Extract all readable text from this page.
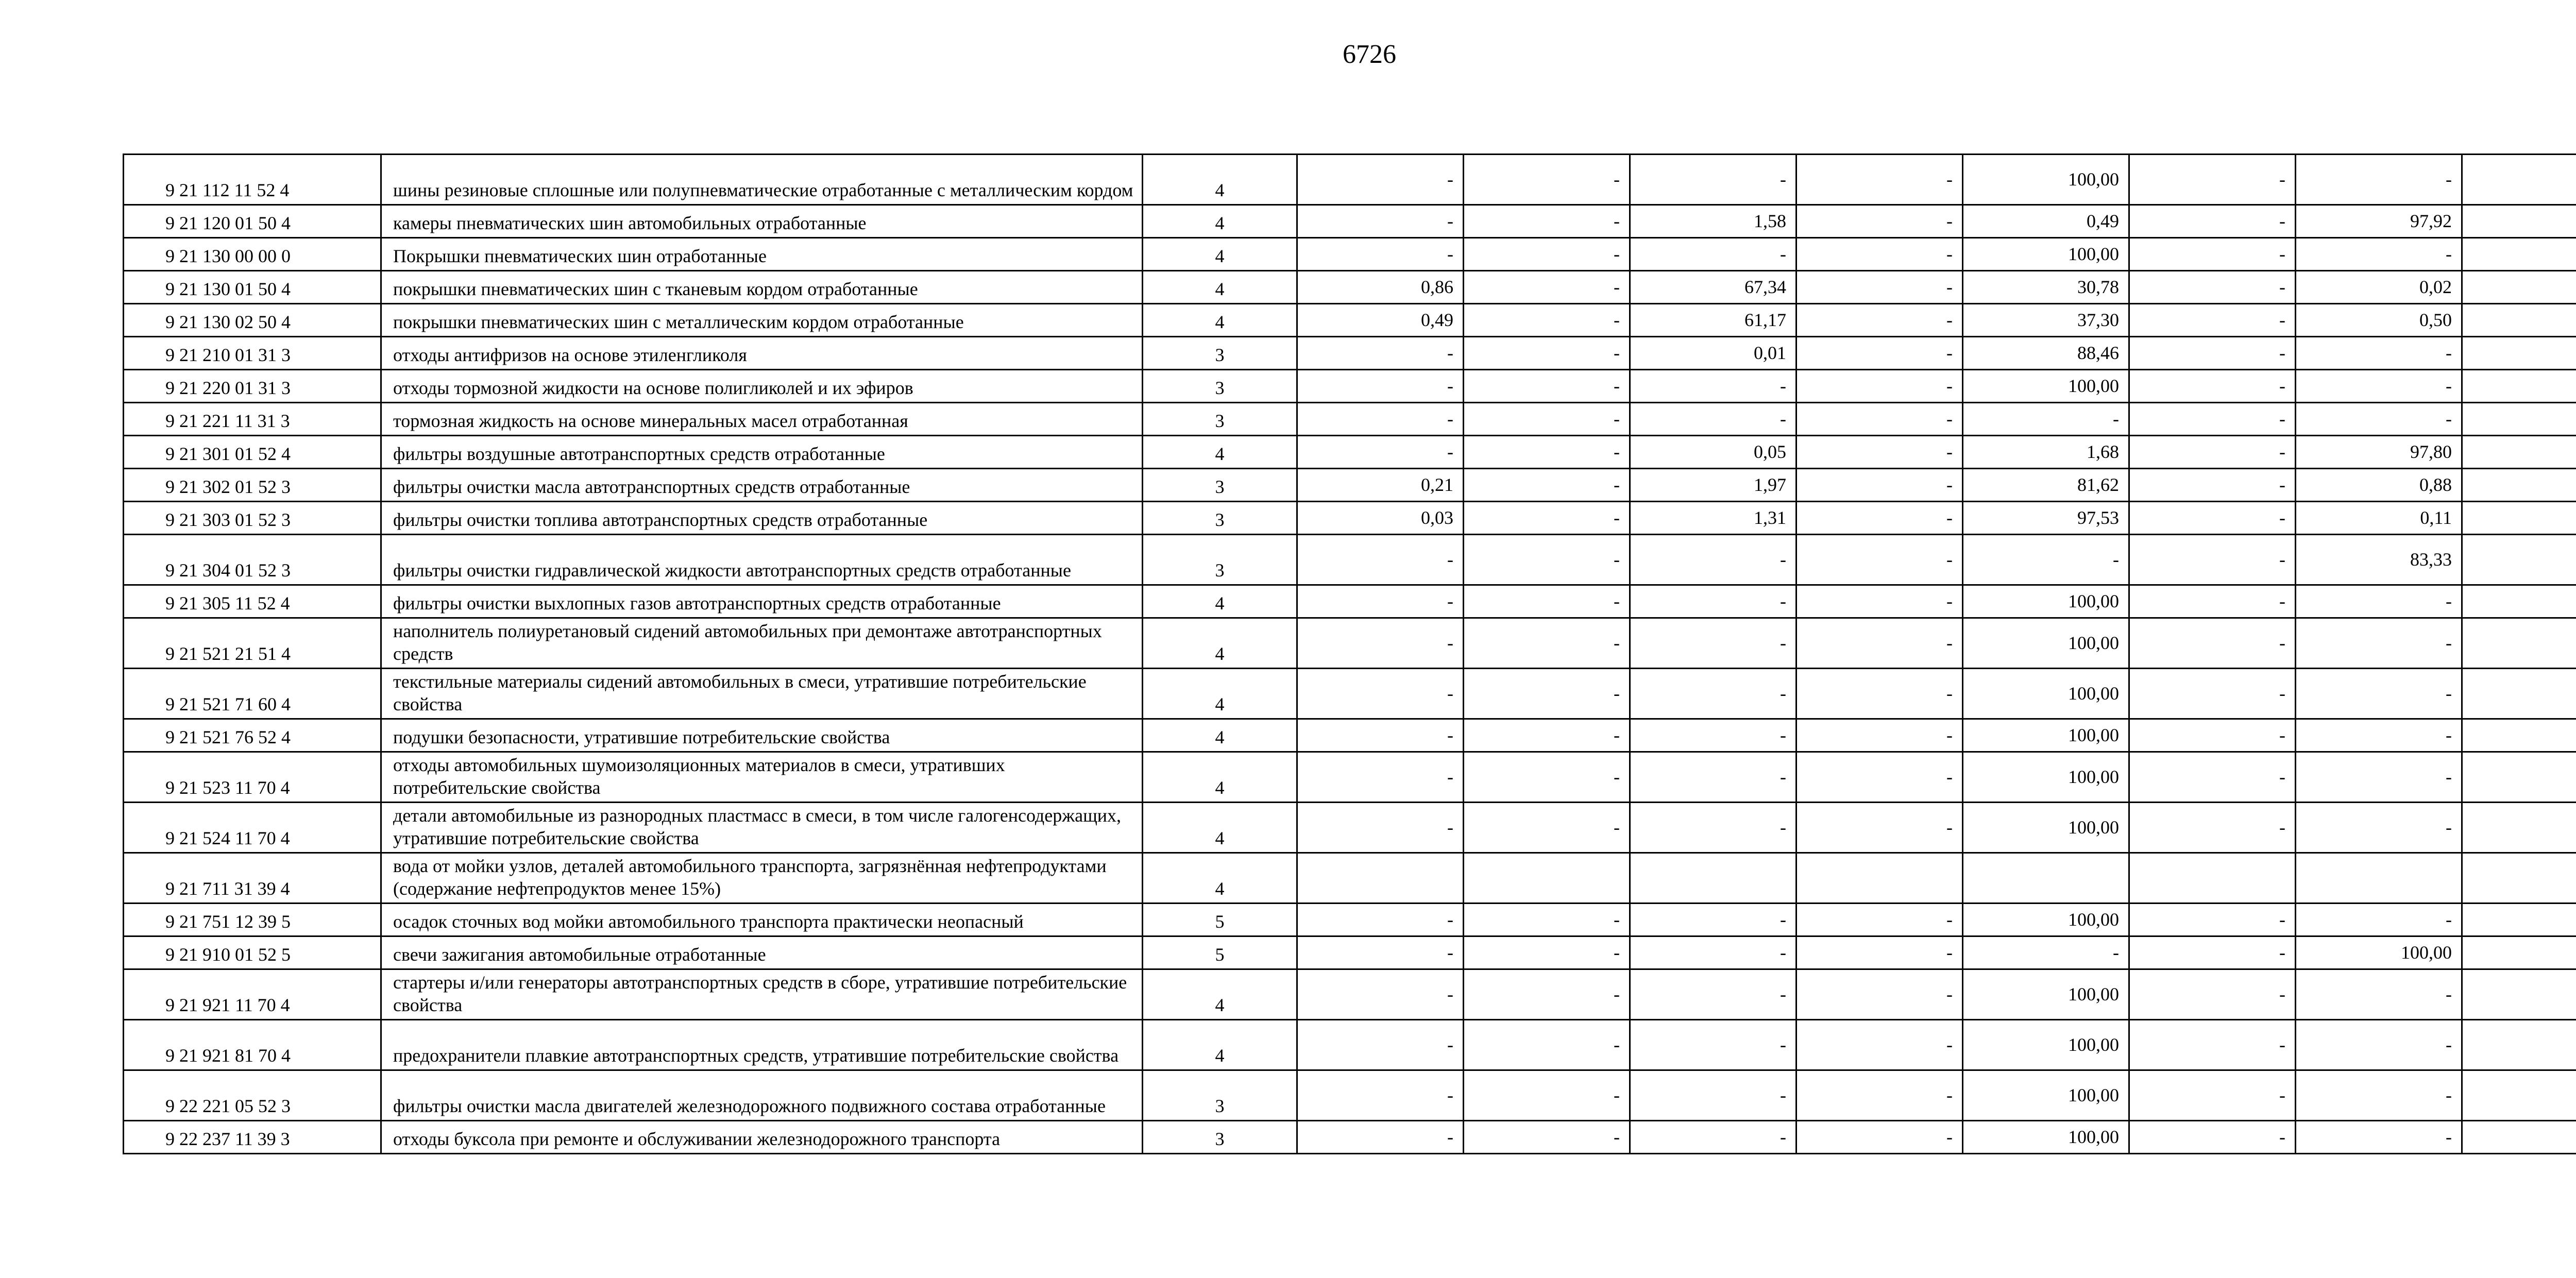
6726
9 21 112 11 52 4	шины резиновые сплошные или полупневматические отработанные с металлическим кордом	4	-	-	-	-	100,00	-	-	
9 21 120 01 50 4	камеры пневматических шин автомобильных отработанные	4	-	-	1,58	-	0,49	-	97,92	
9 21 130 00 00 0	Покрышки пневматических шин отработанные	4	-	-	-	-	100,00	-	-	
9 21 130 01 50 4	покрышки пневматических шин с тканевым кордом отработанные	4	0,86	-	67,34	-	30,78	-	0,02	
9 21 130 02 50 4	покрышки пневматических шин с металлическим кордом отработанные	4	0,49	-	61,17	-	37,30	-	0,50	
9 21 210 01 31 3	отходы антифризов на основе этиленгликоля	3	-	-	0,01	-	88,46	-	-	
9 21 220 01 31 3	отходы тормозной жидкости на основе полигликолей и их эфиров	3	-	-	-	-	100,00	-	-	
9 21 221 11 31 3	тормозная жидкость на основе минеральных масел отработанная	3	-	-	-	-	-	-	-	
9 21 301 01 52 4	фильтры воздушные автотранспортных средств отработанные	4	-	-	0,05	-	1,68	-	97,80	
9 21 302 01 52 3	фильтры очистки масла автотранспортных средств отработанные	3	0,21	-	1,97	-	81,62	-	0,88	
9 21 303 01 52 3	фильтры очистки топлива автотранспортных средств отработанные	3	0,03	-	1,31	-	97,53	-	0,11	
9 21 304 01 52 3	фильтры очистки гидравлической жидкости автотранспортных средств отработанные	3	-	-	-	-	-	-	83,33	
9 21 305 11 52 4	фильтры очистки выхлопных газов автотранспортных средств отработанные	4	-	-	-	-	100,00	-	-	
9 21 521 21 51 4	наполнитель полиуретановый сидений автомобильных при демонтаже автотранспортных средств	4	-	-	-	-	100,00	-	-	
9 21 521 71 60 4	текстильные материалы сидений автомобильных в смеси, утратившие потребительские свойства	4	-	-	-	-	100,00	-	-	
9 21 521 76 52 4	подушки безопасности, утратившие потребительские свойства	4	-	-	-	-	100,00	-	-	
9 21 523 11 70 4	отходы автомобильных шумоизоляционных материалов в смеси, утративших потребительские свойства	4	-	-	-	-	100,00	-	-	
9 21 524 11 70 4	детали автомобильные из разнородных пластмасс в смеси, в том числе галогенсодержащих, утратившие потребительские свойства	4	-	-	-	-	100,00	-	-	
9 21 711 31 39 4	вода от мойки узлов, деталей автомобильного транспорта, загрязнённая нефтепродуктами (содержание нефтепродуктов менее 15%)	4								
9 21 751 12 39 5	осадок сточных вод мойки автомобильного транспорта практически неопасный	5	-	-	-	-	100,00	-	-	
9 21 910 01 52 5	свечи зажигания автомобильные отработанные	5	-	-	-	-	-	-	100,00	
9 21 921 11 70 4	стартеры и/или генераторы автотранспортных средств в сборе, утратившие потребительские свойства	4	-	-	-	-	100,00	-	-	
9 21 921 81 70 4	предохранители плавкие автотранспортных средств, утратившие потребительские свойства	4	-	-	-	-	100,00	-	-	
9 22 221 05 52 3	фильтры очистки масла двигателей железнодорожного подвижного состава отработанные	3	-	-	-	-	100,00	-	-	
9 22 237 11 39 3	отходы буксола при ремонте и обслуживании железнодорожного транспорта	3	-	-	-	-	100,00	-	-	
